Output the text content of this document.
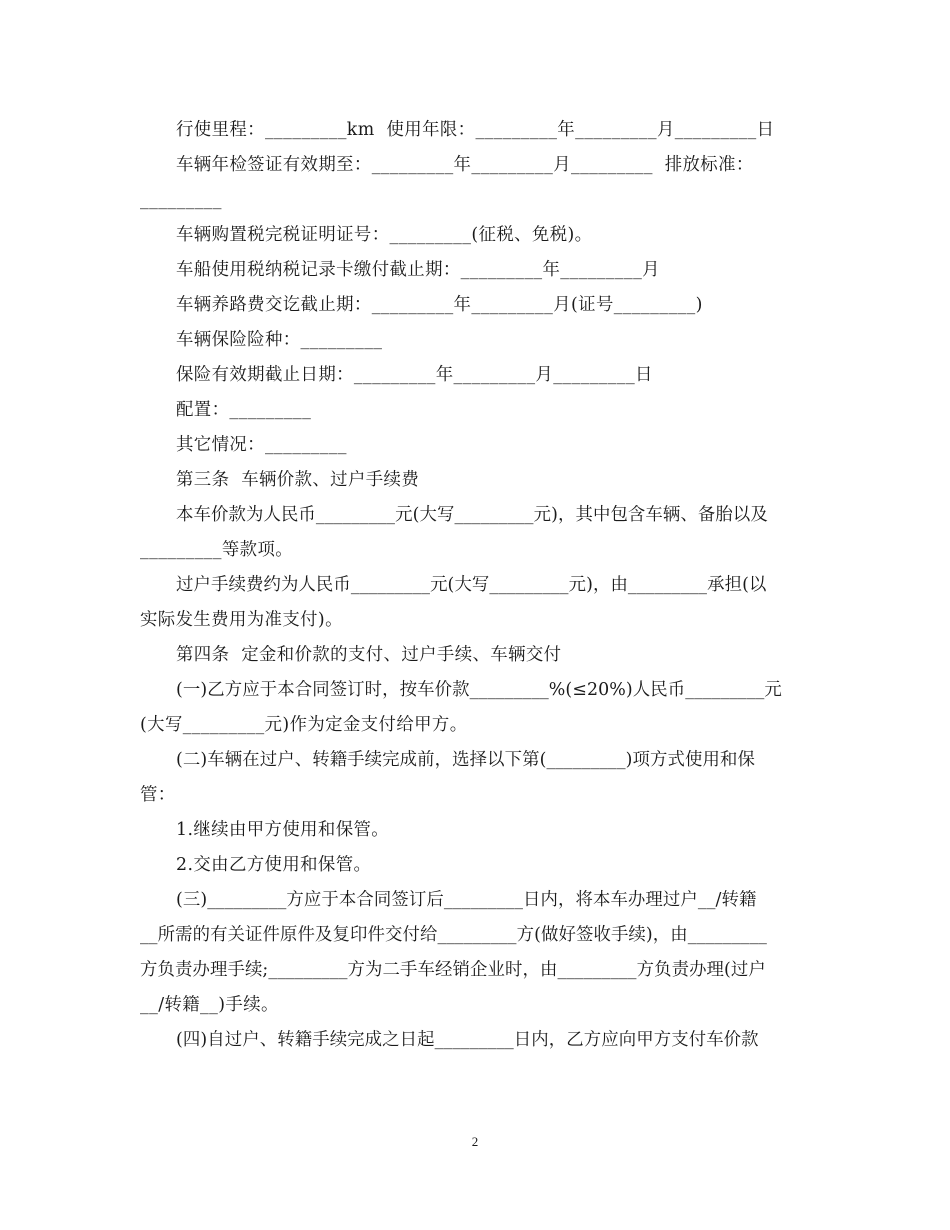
行使里程：_________km  使用年限：_________年_________月_________日
车辆年检签证有效期至：_________年_________月_________  排放标准：
_________
车辆购置税完税证明证号：_________(征税、免税)。
车船使用税纳税记录卡缴付截止期：_________年_________月
车辆养路费交讫截止期：_________年_________月(证号_________)
车辆保险险种：_________
保险有效期截止日期：_________年_________月_________日
配置：_________
其它情况：_________
第三条  车辆价款、过户手续费
本车价款为人民币_________元(大写_________元)，其中包含车辆、备胎以及
_________等款项。
过户手续费约为人民币_________元(大写_________元)，由_________承担(以
实际发生费用为准支付)。
第四条  定金和价款的支付、过户手续、车辆交付
(一)乙方应于本合同签订时，按车价款_________%(≤20%)人民币_________元
(大写_________元)作为定金支付给甲方。
(二)车辆在过户、转籍手续完成前，选择以下第(_________)项方式使用和保
管：
1.继续由甲方使用和保管。
2.交由乙方使用和保管。
(三)_________方应于本合同签订后_________日内，将本车办理过户__/转籍
__所需的有关证件原件及复印件交付给_________方(做好签收手续)，由_________
方负责办理手续;_________方为二手车经销企业时，由_________方负责办理(过户
__/转籍__)手续。
(四)自过户、转籍手续完成之日起_________日内，乙方应向甲方支付车价款
2
